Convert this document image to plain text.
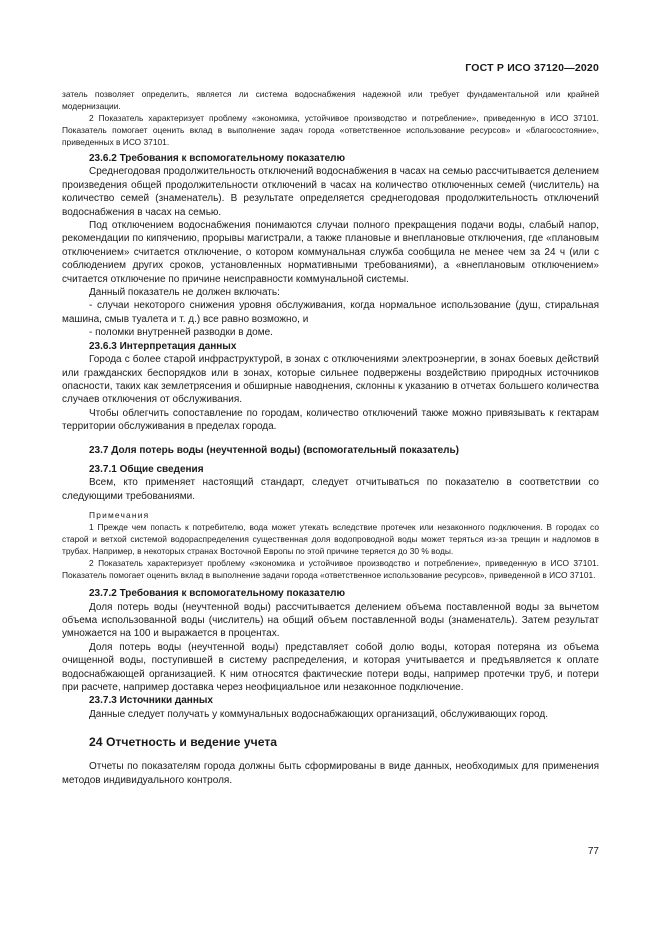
ГОСТ Р ИСО 37120—2020

затель позволяет определить, является ли система водоснабжения надежной или требует фундаментальной или крайней модернизации.

2 Показатель характеризует проблему «экономика, устойчивое производство и потребление», приведенную в ИСО 37101. Показатель помогает оценить вклад в выполнение задач города «ответственное использование ресурсов» и «благосостояние», приведенных в ИСО 37101.

23.6.2 Требования к вспомогательному показателю

Среднегодовая продолжительность отключений водоснабжения в часах на семью рассчитывается делением произведения общей продолжительности отключений в часах на количество отключенных семей (числитель) на количество семей (знаменатель). В результате определяется среднегодовая продолжительность отключений водоснабжения в часах на семью.

Под отключением водоснабжения понимаются случаи полного прекращения подачи воды, слабый напор, рекомендации по кипячению, прорывы магистрали, а также плановые и внеплановые отключения, где «плановым отключением» считается отключение, о котором коммунальная служба сообщила не менее чем за 24 ч (или с соблюдением других сроков, установленных нормативными требованиями), а «внеплановым отключением» считается отключение по причине неисправности коммунальной системы.

Данный показатель не должен включать:

- случаи некоторого снижения уровня обслуживания, когда нормальное использование (душ, стиральная машина, смыв туалета и т. д.) все равно возможно, и

- поломки внутренней разводки в доме.

23.6.3 Интерпретация данных

Города с более старой инфраструктурой, в зонах с отключениями электроэнергии, в зонах боевых действий или гражданских беспорядков или в зонах, которые сильнее подвержены воздействию природных источников опасности, таких как землетрясения и обширные наводнения, склонны к указанию в отчетах большего количества случаев отключения от обслуживания.

Чтобы облегчить сопоставление по городам, количество отключений также можно привязывать к гектарам территории обслуживания в пределах города.

23.7 Доля потерь воды (неучтенной воды) (вспомогательный показатель)
23.7.1 Общие сведения

Всем, кто применяет настоящий стандарт, следует отчитываться по показателю в соответствии со следующими требованиями.

Примечания

1 Прежде чем попасть к потребителю, вода может утекать вследствие протечек или незаконного подключения. В городах со старой и ветхой системой водораспределения существенная доля водопроводной воды может теряться из-за трещин и надломов в трубах. Например, в некоторых странах Восточной Европы по этой причине теряется до 30 % воды.

2 Показатель характеризует проблему «экономика и устойчивое производство и потребление», приведенную в ИСО 37101. Показатель помогает оценить вклад в выполнение задачи города «ответственное использование ресурсов», приведенной в ИСО 37101.

23.7.2 Требования к вспомогательному показателю

Доля потерь воды (неучтенной воды) рассчитывается делением объема поставленной воды за вычетом объема использованной воды (числитель) на общий объем поставленной воды (знаменатель). Затем результат умножается на 100 и выражается в процентах.

Доля потерь воды (неучтенной воды) представляет собой долю воды, которая потеряна из объема очищенной воды, поступившей в систему распределения, и которая учитывается и предъявляется к оплате водоснабжающей организацией. К ним относятся фактические потери воды, например протечки труб, и потери при расчете, например доставка через неофициальное или незаконное подключение.

23.7.3 Источники данных

Данные следует получать у коммунальных водоснабжающих организаций, обслуживающих город.

24 Отчетность и ведение учета

Отчеты по показателям города должны быть сформированы в виде данных, необходимых для применения методов индивидуального контроля.

77
